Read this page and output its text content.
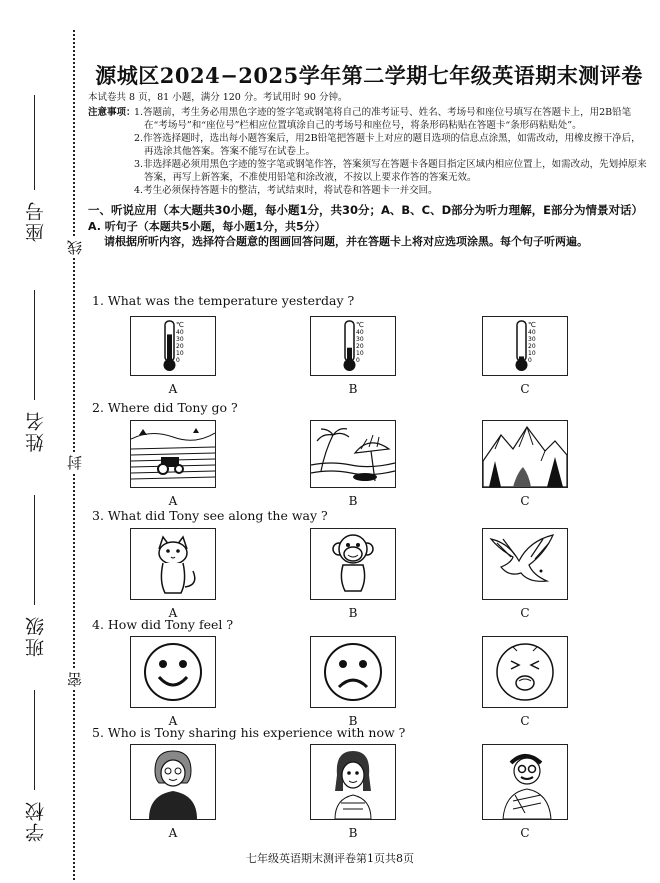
座号
姓名
班级
学校
线
封
密
源城区2024−2025学年第二学期七年级英语期末测评卷
本试卷共 8 页，81 小题，满分 120 分。考试用时 90 分钟。
注意事项：
1.答题前，考生务必用黑色字迹的签字笔或钢笔将自己的准考证号、姓名、考场号和座位号填写在答题卡上，用2B铅笔在“考场号”和“座位号”栏相应位置填涂自己的考场号和座位号，将条形码粘贴在答题卡“条形码粘贴处”。
2.作答选择题时，选出每小题答案后，用2B铅笔把答题卡上对应的题目选项的信息点涂黑，如需改动，用橡皮擦干净后，再选涂其他答案。答案不能写在试卷上。
3.非选择题必须用黑色字迹的签字笔或钢笔作答，答案须写在答题卡各题目指定区域内相应位置上，如需改动，先划掉原来答案，再写上新答案，不准使用铅笔和涂改液，不按以上要求作答的答案无效。
4.考生必须保持答题卡的整洁，考试结束时，将试卷和答题卡一并交回。
一、听说应用（本大题共30小题，每小题1分，共30分；A、B、C、D部分为听力理解，E部分为情景对话）
A. 听句子（本题共5小题，每小题1分，共5分）
请根据所听内容，选择符合题意的图画回答问题，并在答题卡上将对应选项涂黑。每个句子听两遍。
1. What was the temperature yesterday ?
℃
40
30
20
10
0
A
℃
40
30
20
10
0
B
℃
40
30
20
10
0
C
2. Where did Tony go ?
A	B	C
3. What did Tony see along the way ?
A	B	C
4. How did Tony feel ?
A	B	C
5. Who is Tony sharing his experience with now ?
A	B	C
七年级英语期末测评卷第1页共8页
